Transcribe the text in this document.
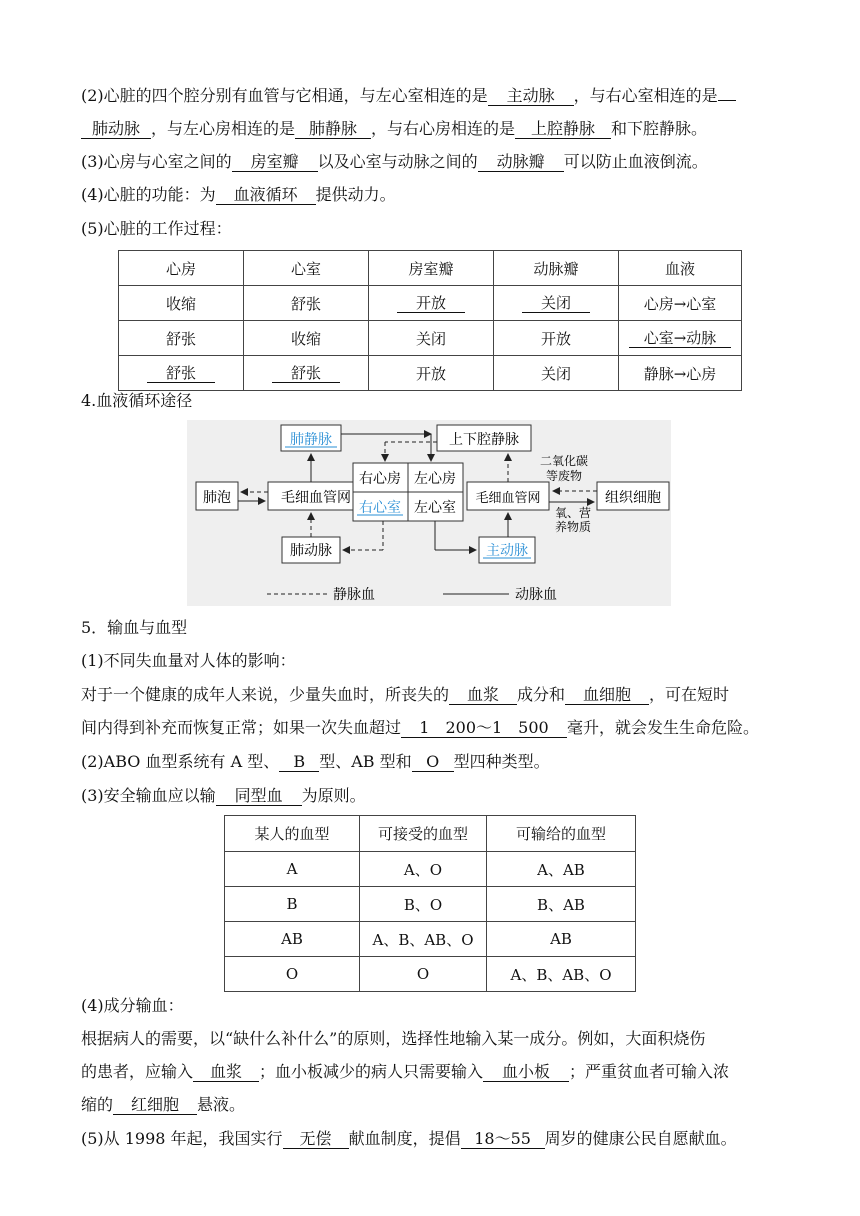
(2)心脏的四个腔分别有血管与它相通，与左心室相连的是 主动脉 ，与右心室相连的是
肺动脉 ，与左心房相连的是 肺静脉 ，与右心房相连的是 上腔静脉 和下腔静脉。
(3)心房与心室之间的 房室瓣 以及心室与动脉之间的 动脉瓣 可以防止血液倒流。
(4)心脏的功能：为 血液循环 提供动力。
(5)心脏的工作过程：
心房	心室	房室瓣	动脉瓣	血液
收缩	舒张	开放	关闭	心房→心室
舒张	收缩	关闭	开放	心室→动脉
舒张	舒张	开放	关闭	静脉→心房
4.血液循环途径
肺静脉	上下腔静脉
肺泡	毛细血管网
右心房 左心房
右心室 左心室
毛细血管网	组织细胞
二氧化碳
等废物
氧、营
养物质
肺动脉	主动脉
静脉血	动脉血
5．输血与血型
(1)不同失血量对人体的影响：
对于一个健康的成年人来说，少量失血时，所丧失的 血浆 成分和 血细胞 ，可在短时
间内得到补充而恢复正常；如果一次失血超过 1　200～1　500 毫升，就会发生生命危险。
(2)ABO 血型系统有 A 型、 B 型、AB 型和 O 型四种类型。
(3)安全输血应以输 同型血 为原则。
某人的血型	可接受的血型	可输给的血型
A	A、O	A、AB
B	B、O	B、AB
AB	A、B、AB、O	AB
O	O	A、B、AB、O
(4)成分输血：
根据病人的需要，以“缺什么补什么”的原则，选择性地输入某一成分。例如，大面积烧伤
的患者，应输入 血浆 ；血小板减少的病人只需要输入 血小板 ；严重贫血者可输入浓
缩的 红细胞 悬液。
(5)从 1998 年起，我国实行 无偿 献血制度，提倡 18～55 周岁的健康公民自愿献血。
